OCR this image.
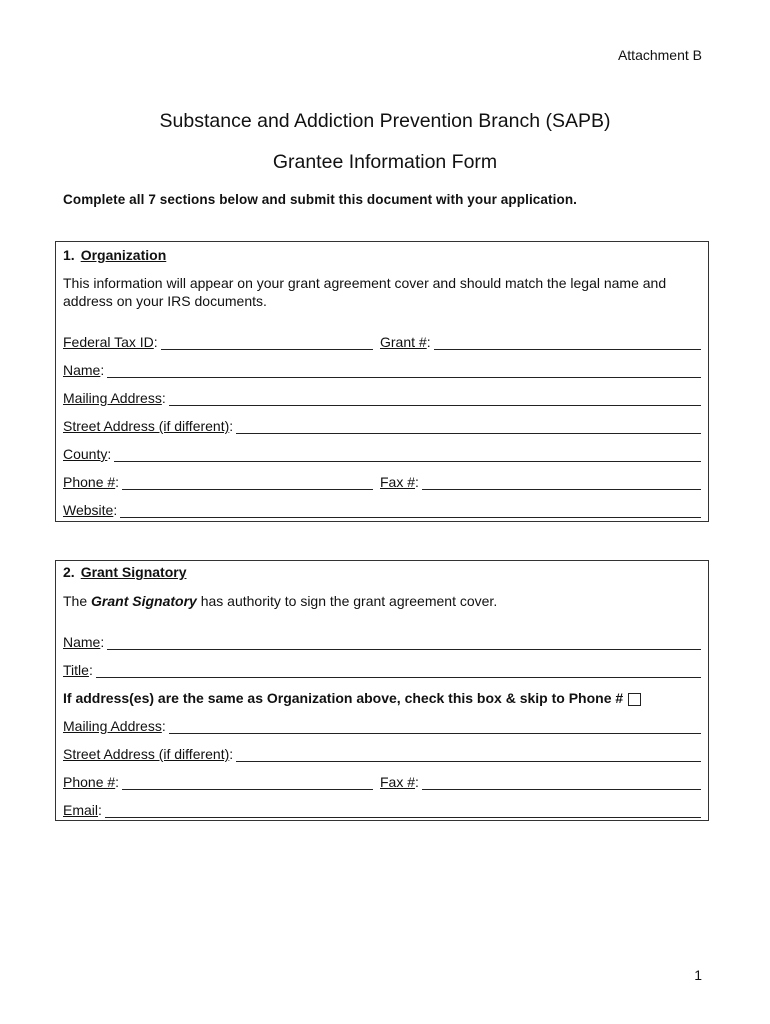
Attachment B
Substance and Addiction Prevention Branch (SAPB)
Grantee Information Form
Complete all 7 sections below and submit this document with your application.
1. Organization
This information will appear on your grant agreement cover and should match the legal name and address on your IRS documents.
Federal Tax ID :	Grant # :
Name :
Mailing Address :
Street Address (if different) :
County :
Phone # :	Fax # :
Website :
2. Grant Signatory
The Grant Signatory has authority to sign the grant agreement cover.
Name :
Title :
If address(es) are the same as Organization above, check this box & skip to Phone #
Mailing Address :
Street Address (if different) :
Phone # :	Fax # :
Email :
1
